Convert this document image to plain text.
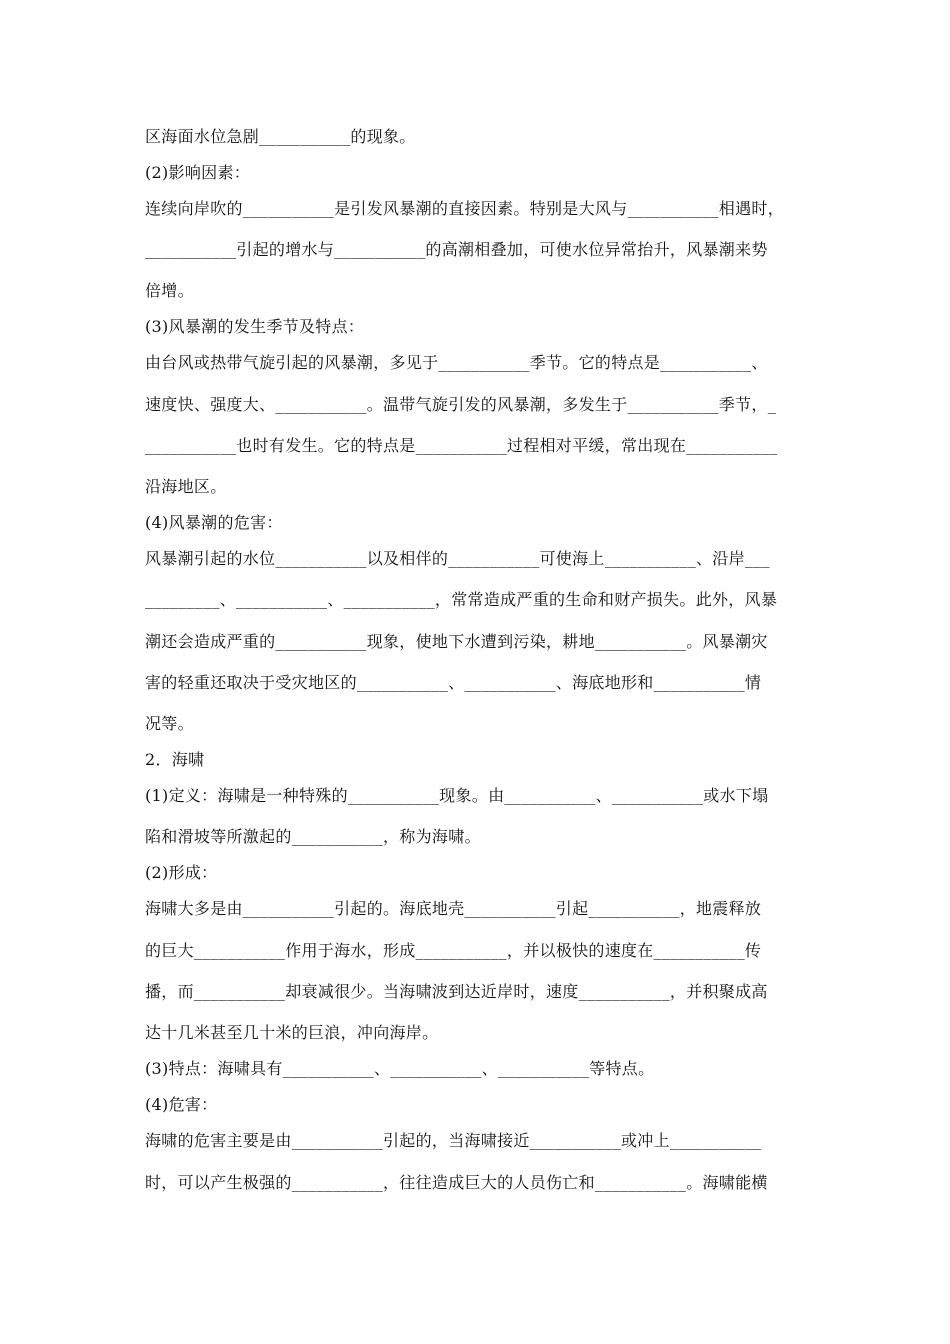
区海面水位急剧___________的现象。
(2)影响因素：
连续向岸吹的___________是引发风暴潮的直接因素。特别是大风与___________相遇时，
___________引起的增水与___________的高潮相叠加，可使水位异常抬升，风暴潮来势
倍增。
(3)风暴潮的发生季节及特点：
由台风或热带气旋引起的风暴潮，多见于___________季节。它的特点是___________、
速度快、强度大、___________。温带气旋引发的风暴潮，多发生于___________季节，_
___________也时有发生。它的特点是___________过程相对平缓，常出现在___________
沿海地区。
(4)风暴潮的危害：
风暴潮引起的水位___________以及相伴的___________可使海上___________、沿岸___
_________、___________、___________，常常造成严重的生命和财产损失。此外，风暴
潮还会造成严重的___________现象，使地下水遭到污染，耕地___________。风暴潮灾
害的轻重还取决于受灾地区的___________、___________、海底地形和___________情
况等。
2．海啸
(1)定义：海啸是一种特殊的___________现象。由___________、___________或水下塌
陷和滑坡等所激起的___________，称为海啸。
(2)形成：
海啸大多是由___________引起的。海底地壳___________引起___________，地震释放
的巨大___________作用于海水，形成___________，并以极快的速度在___________传
播，而___________却衰减很少。当海啸波到达近岸时，速度___________，并积聚成高
达十几米甚至几十米的巨浪，冲向海岸。
(3)特点：海啸具有___________、___________、___________等特点。
(4)危害：
海啸的危害主要是由___________引起的，当海啸接近___________或冲上___________
时，可以产生极强的___________，往往造成巨大的人员伤亡和___________。海啸能横
